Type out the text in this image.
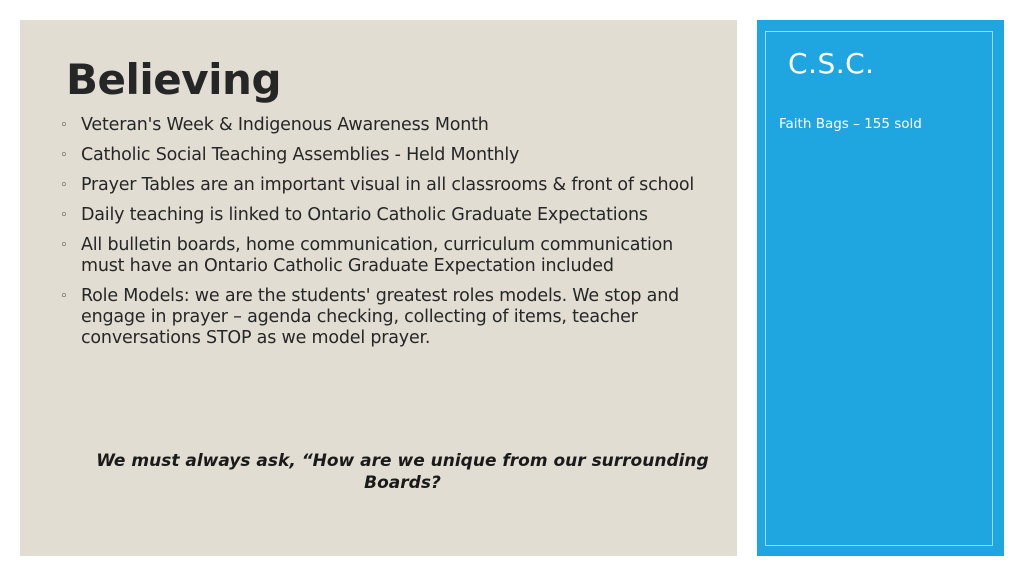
Believing
◦ Veteran's Week & Indigenous Awareness Month
◦ Catholic Social Teaching Assemblies - Held Monthly
◦ Prayer Tables are an important visual in all classrooms & front of school
◦ Daily teaching is linked to Ontario Catholic Graduate Expectations
◦ All bulletin boards, home communication, curriculum communication must have an Ontario Catholic Graduate Expectation included
◦ Role Models: we are the students' greatest roles models. We stop and engage in prayer – agenda checking, collecting of items, teacher conversations STOP as we model prayer.

We must always ask, “How are we unique from our surrounding Boards?

C.S.C.

Faith Bags – 155 sold
